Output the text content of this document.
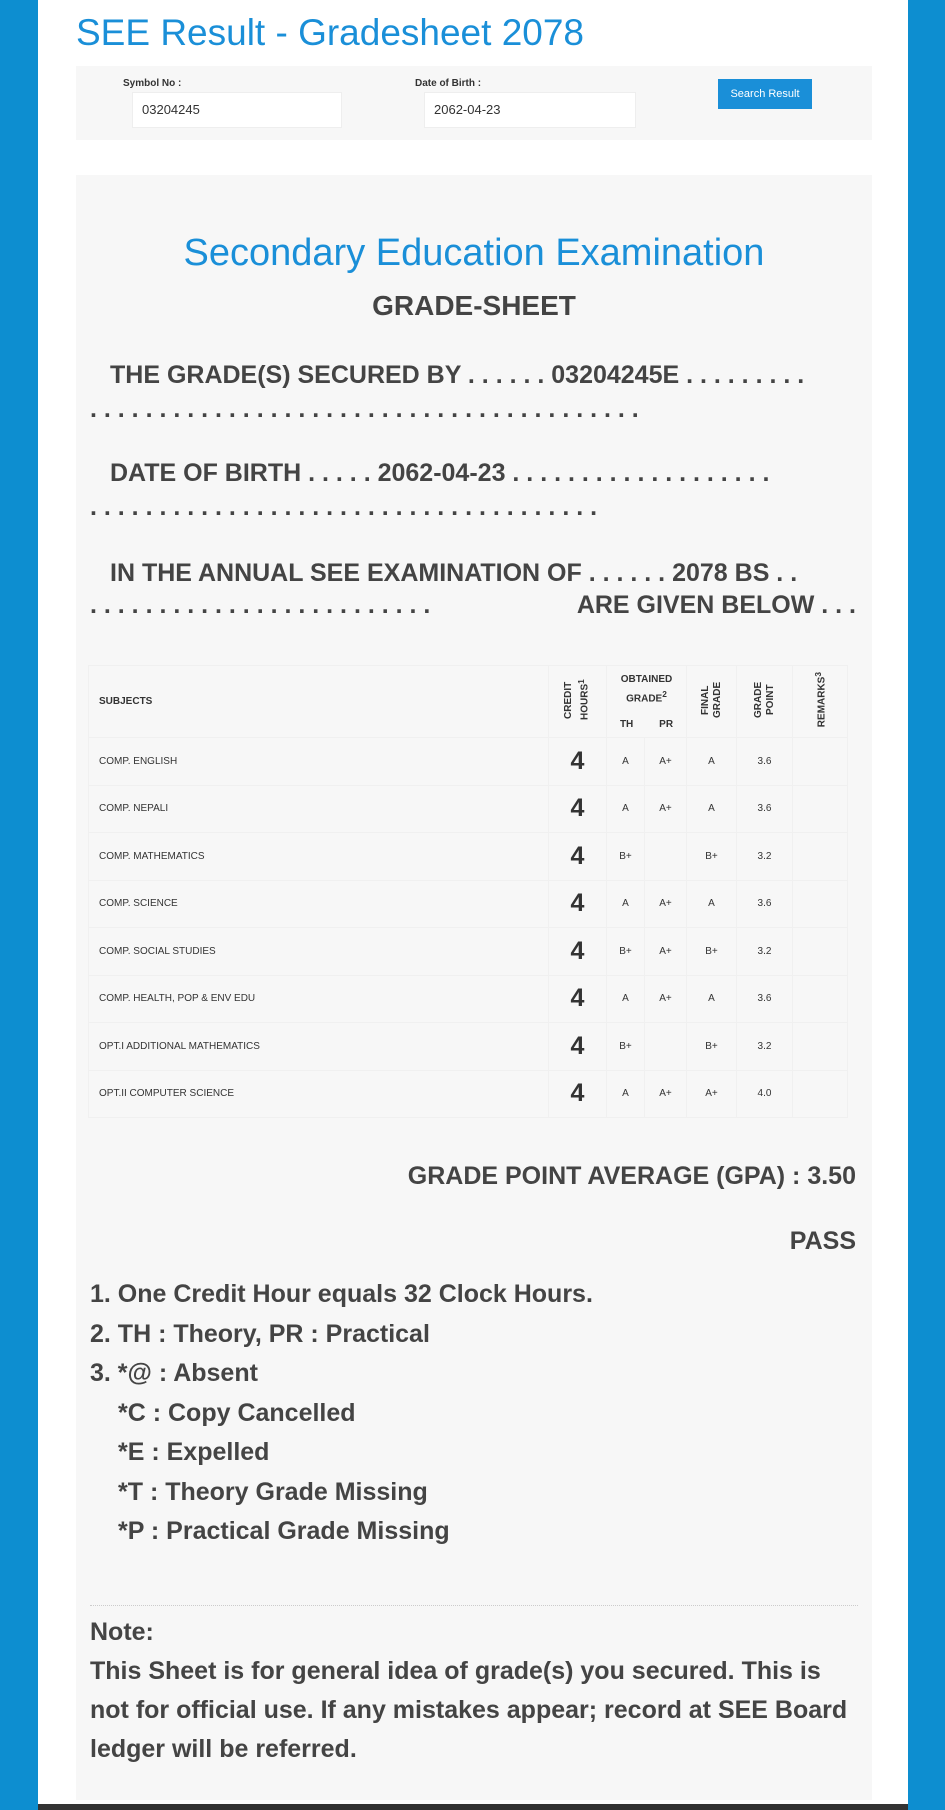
SEE Result - Gradesheet 2078
Symbol No :
03204245
Date of Birth :
2062-04-23
Search Result
Secondary Education Examination
GRADE-SHEET
THE GRADE(S) SECURED BY . . . . . . 03204245E . . . . . . . . .
. . . . . . . . . . . . . . . . . . . . . . . . . . . . . . . . . . . . . . . .
DATE OF BIRTH . . . . . 2062-04-23 . . . . . . . . . . . . . . . . . . .
. . . . . . . . . . . . . . . . . . . . . . . . . . . . . . . . . . . . .
IN THE ANNUAL SEE EXAMINATION OF . . . . . . 2078 BS . .
. . . . . . . . . . . . . . . . . . . . . . . . .	ARE GIVEN BELOW . . .
SUBJECTS	CREDIT HOURS$^1$	OBTAINED GRADE$^2$
TH PR		FINAL GRADE	GRADE POINT	REMARKS$^3$
COMP. ENGLISH	4	A	A+	A	3.6	
COMP. NEPALI	4	A	A+	A	3.6	
COMP. MATHEMATICS	4	B+		B+	3.2	
COMP. SCIENCE	4	A	A+	A	3.6	
COMP. SOCIAL STUDIES	4	B+	A+	B+	3.2	
COMP. HEALTH, POP & ENV EDU	4	A	A+	A	3.6	
OPT.I ADDITIONAL MATHEMATICS	4	B+		B+	3.2	
OPT.II COMPUTER SCIENCE	4	A	A+	A+	4.0	
GRADE POINT AVERAGE (GPA) : 3.50
PASS
1. One Credit Hour equals 32 Clock Hours.
2. TH : Theory, PR : Practical
3. *@ : Absent
*C : Copy Cancelled
*E : Expelled
*T : Theory Grade Missing
*P : Practical Grade Missing
Note:
This Sheet is for general idea of grade(s) you secured. This is not for official use. If any mistakes appear; record at SEE Board ledger will be referred.
